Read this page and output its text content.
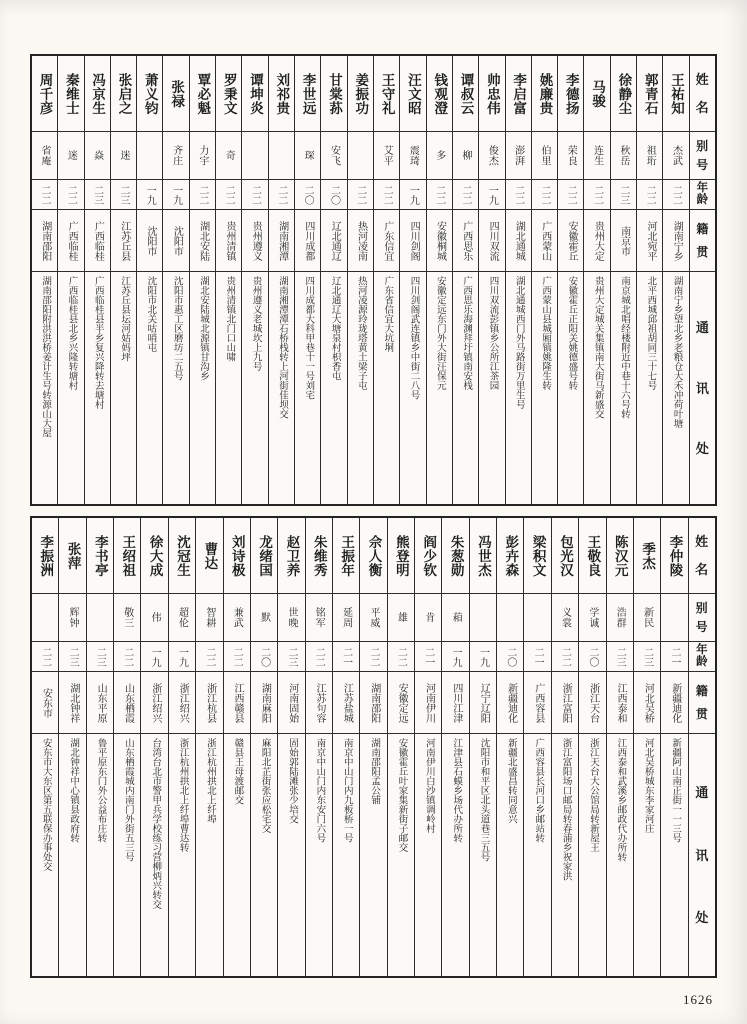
姓
名
别
号
年
龄
籍
贯
通
讯
处
王祐知
杰武
二二
湖南宁乡
湖南宁乡望北乡老粮仓大禾冲荷叶塘
郭青石
祖珩
二二
河北宛平
北平西城邱祖胡同三十七号
徐静尘
秋岳
二三
南京市
南京城北唱经楼附近中巷十六号转
马骏
连生
二二
贵州大定
贵州大定城关集镇南大街马新盛交
李德扬
荣良
二二
安徽霍丘
安徽霍丘正阳关姚德盛号转
姚廉贵
伯里
二二
广西蒙山
广西蒙山县城厢镇姚隆生转
李启富
澎湃
二二
湖北通城
湖北通城西门外马路街万里生号
帅忠伟
俊杰
一九
四川双流
四川双流彭镇乡公所江茶园
谭叔云
柳
二二
广西思乐
广西思乐海渊拜圩镇南安栈
钱观澄
多
二二
安徽桐城
安徽定远东门外大街汪保元
汪文昭
震琦
一九
四川剑阁
四川剑阁武连镇乡中街二八号
王守礼
艾平
二二
广东信宜
广东省信宜大坑垌
姜振功
二二
热河凌南
热河凌源玲珑塔黄土梁子屯
甘棠荪
安飞
二〇
辽北通辽
辽北通辽大塘泉村枳香屯
李世远
琛
二〇
四川成都
四川成都大科甲巷十一号刘宅
刘祁贵
二二
湖南湘潭
湖南湘潭潭石桥栈转上河街佳坝交
谭坤炎
二二
贵州遵义
贵州遵义老城坎上九号
罗秉文
奇
二二
贵州清镇
贵州清镇北门口山啸
覃必魁
力宇
二二
湖北安陆
湖北安陆城北源镇甘沟乡
张禄
齐庄
一九
沈阳市
沈阳市惠工区磨坊二五号
萧义钧
一九
沈阳市
沈阳市北关咕哨屯
张启之
迷
二三
江苏丘县
江苏丘县坛河姑妈坪
冯京生
焱
二三
广西临桂
广西临桂县半乡复兴降转去塘村
秦维士
迷
二二
广西临桂
广西临桂县北乡兴隆转塘村
周千彦
省庵
二二
湖南邵阳
湖南邵阳附洪洪桥姜计生号转源山大屋
姓
名
别
号
年
龄
籍
贯
通
讯
处
李仲陵
二一
新疆迪化
新疆阿山南正街一一三号
季杰
新民
二三
河北吴桥
河北吴桥城东李家河庄
陈汉元
浩群
二三
江西泰和
江西泰和武溪乡邮政代办所转
王敬良
学诚
二〇
浙江天台
浙江天台大公馆局转新屋王
包光汉
义裳
二二
浙江富阳
浙江富阳场口邮局转春浦乡祝家洪
梁积文
二一
广西容县
广西容县长河口乡邮站转
彭卉森
二〇
新疆迪化
新疆北盛昌转同意兴
冯世杰
一九
辽宁辽阳
沈阳市和平区北头道巷三五号
朱葱勋
葙
一九
四川江津
江津县石蟆乡场代办所转
阎少钦
肯
二一
河南伊川
河南伊川白沙镇调岭村
熊登明
雄
二二
安徽定远
安徽霍丘叶家集新街子邮交
佘人衡
平威
二二
湖南邵阳
湖南邵阳孟公铺
王振年
延周
二一
江苏盐城
南京中山门内九板桥一号
朱维秀
铭军
二二
江苏句容
南京中山门内东安门六号
赵卫养
世晚
二三
河南固始
固始郭陆滩张少培交
龙绪国
默
二〇
湖南麻阳
麻阳北芷街张应松宅交
刘诗极
兼武
二二
江西赣县
赣县王母渡邮交
曹达
智耕
二二
浙江杭县
浙江杭州拱北上纤埠
沈冠生
超伦
一九
浙江绍兴
浙江杭州拱北上纤埠曹达转
徐大成
伟
一九
浙江绍兴
台湾台北市警甲兵学校练习营柳炳兴转交
王绍祖
敬三
二二
山东栖霞
山东栖霞城内南门外街五三号
李书亭
二三
山东平原
鲁平原东门外公益布庄转
张萍
辉钟
二三
湖北钟祥
湖北钟祥中心镇县政府转
李振洲
二二
安东市
安东市大东区第五联保办事处交
1626
